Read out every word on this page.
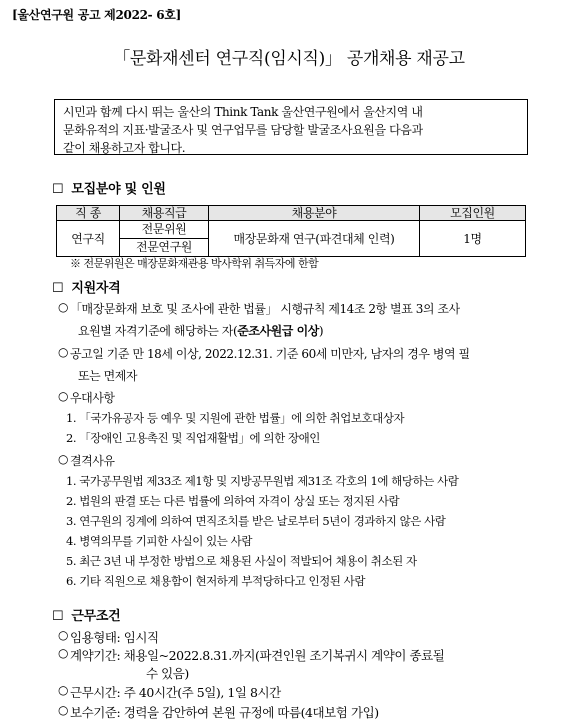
[울산연구원 공고 제2022- 6호]
「문화재센터 연구직(임시직)」 공개채용 재공고
시민과 함께 다시 뛰는 울산의 Think Tank 울산연구원에서 울산지역 내
문화유적의 지표·발굴조사 및 연구업무를 담당할 발굴조사요원을 다음과
같이 채용하고자 합니다.
☐ 모집분야 및 인원
직 종	채용직급	채용분야	모집인원
연구직	전문위원	매장문화재 연구(파견대체 인력)	1명
	전문연구원		
※ 전문위원은 매장문화재관용 박사학위 취득자에 한함
☐ 지원자격
○ 「매장문화재 보호 및 조사에 관한 법률」 시행규칙 제14조 2항 별표 3의 조사
요원별 자격기준에 해당하는 자(준조사원급 이상)
○ 공고일 기준 만 18세 이상, 2022.12.31. 기준 60세 미만자, 남자의 경우 병역 필
또는 면제자
○ 우대사항
1. 「국가유공자 등 예우 및 지원에 관한 법률」에 의한 취업보호대상자
2. 「장애인 고용촉진 및 직업재활법」에 의한 장애인
○ 결격사유
1. 국가공무원법 제33조 제1항 및 지방공무원법 제31조 각호의 1에 해당하는 사람
2. 법원의 판결 또는 다른 법률에 의하여 자격이 상실 또는 정지된 사람
3. 연구원의 징계에 의하여 면직조치를 받은 날로부터 5년이 경과하지 않은 사람
4. 병역의무를 기피한 사실이 있는 사람
5. 최근 3년 내 부정한 방법으로 채용된 사실이 적발되어 채용이 취소된 자
6. 기타 직원으로 채용함이 현저하게 부적당하다고 인정된 사람
☐ 근무조건
○ 임용형태: 임시직
○ 계약기간: 채용일~2022.8.31.까지(파견인원 조기복귀시 계약이 종료될
수 있음)
○ 근무시간: 주 40시간(주 5일), 1일 8시간
○ 보수기준: 경력을 감안하여 본원 규정에 따름(4대보험 가입)
